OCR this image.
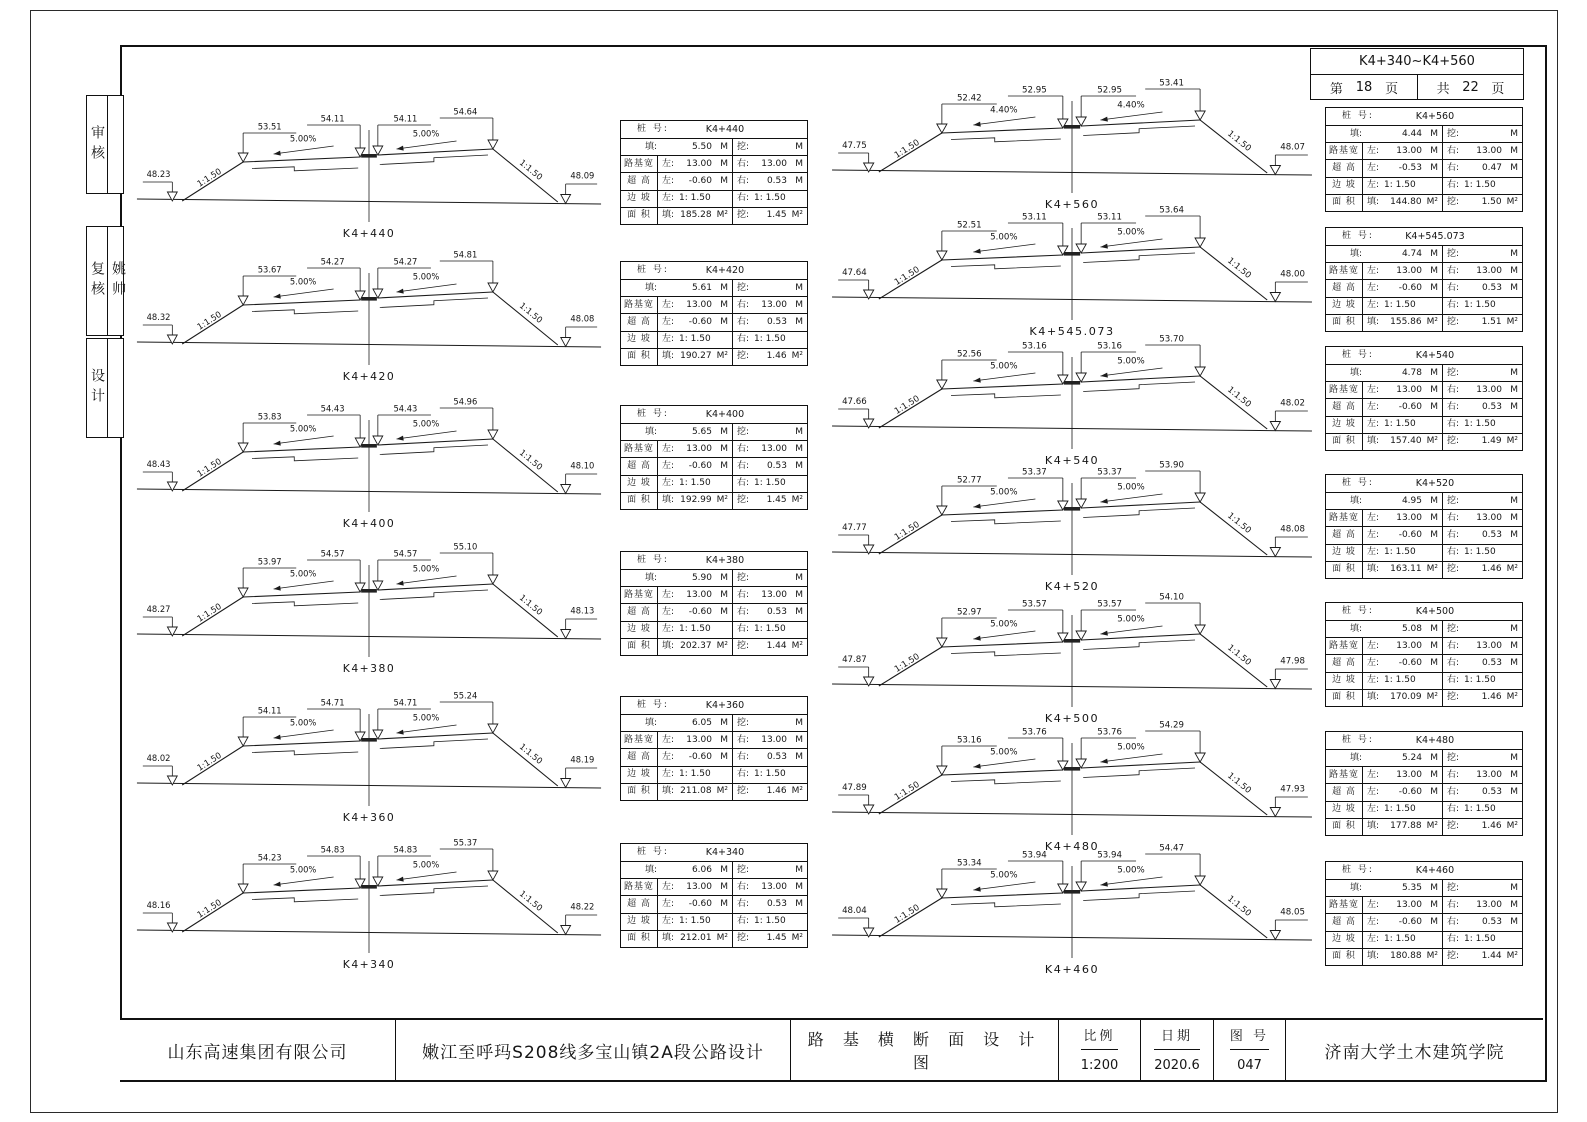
审核
复核 姚帅
设计
K4+340~K4+560
第 18 页	共 22 页
48.23
53.51
54.11	54.11
54.64
48.09
5.00%	5.00%
1:1.50	1:1.50
K4+440
桩 号:	K4+440
填:	5.50 M 挖:	M
路基宽 左:	13.00 M 右:	13.00 M
超 高	左:	-0.60 M 右:	0.53 M
边 坡	左: 1: 1.50	右: 1: 1.50
面 积	填: 185.28 M² 挖:	1.45 M²
48.32
53.67
54.27	54.27
54.81
48.08
5.00%	5.00%
1:1.50	1:1.50
K4+420
桩 号:	K4+420
填:	5.61 M 挖:	M
路基宽 左:	13.00 M 右:	13.00 M
超 高	左:	-0.60 M 右:	0.53 M
边 坡	左: 1: 1.50	右: 1: 1.50
面 积	填: 190.27 M² 挖:	1.46 M²
48.43
53.83
54.43	54.43
54.96
48.10
5.00%	5.00%
1:1.50	1:1.50
K4+400
桩 号:	K4+400
填:	5.65 M 挖:	M
路基宽 左:	13.00 M 右:	13.00 M
超 高	左:	-0.60 M 右:	0.53 M
边 坡	左: 1: 1.50	右: 1: 1.50
面 积	填: 192.99 M² 挖:	1.45 M²
48.27
53.97
54.57	54.57
55.10
48.13
5.00%	5.00%
1:1.50	1:1.50
K4+380
桩 号:	K4+380
填:	5.90 M 挖:	M
路基宽 左:	13.00 M 右:	13.00 M
超 高	左:	-0.60 M 右:	0.53 M
边 坡	左: 1: 1.50	右: 1: 1.50
面 积	填: 202.37 M² 挖:	1.44 M²
48.02
54.11
54.71	54.71
55.24
48.19
5.00%	5.00%
1:1.50	1:1.50
K4+360
桩 号:	K4+360
填:	6.05 M 挖:	M
路基宽 左:	13.00 M 右:	13.00 M
超 高	左:	-0.60 M 右:	0.53 M
边 坡	左: 1: 1.50	右: 1: 1.50
面 积	填: 211.08 M² 挖:	1.46 M²
48.16
54.23
54.83	54.83
55.37
48.22
5.00%	5.00%
1:1.50	1:1.50
K4+340
桩 号:	K4+340
填:	6.06 M 挖:	M
路基宽 左:	13.00 M 右:	13.00 M
超 高	左:	-0.60 M 右:	0.53 M
边 坡	左: 1: 1.50	右: 1: 1.50
面 积	填: 212.01 M² 挖:	1.45 M²
47.75
52.42
52.95	52.95
53.41
48.07
4.40%
4.40%
1:1.50	1:1.50
K4+560
桩 号:	K4+560
填:	4.44 M 挖:	M
路基宽 左:	13.00 M 右:	13.00 M
超 高	左:	-0.53 M 右:	0.47 M
边 坡	左: 1: 1.50	右: 1: 1.50
面 积	填:	144.80 M² 挖:	1.50 M²
47.64
52.51
53.11	53.11
53.64
48.00
5.00%
5.00%
1:1.50	1:1.50
K4+545.073
桩 号:	K4+545.073
填:	4.74 M 挖:	M
路基宽 左:	13.00 M 右:	13.00 M
超 高	左:	-0.60 M 右:	0.53 M
边 坡	左: 1: 1.50	右: 1: 1.50
面 积	填:	155.86 M² 挖:	1.51 M²
47.66
52.56
53.16	53.16
53.70
48.02
5.00%
5.00%
1:1.50	1:1.50
K4+540
桩 号:	K4+540
填:	4.78 M 挖:	M
路基宽 左:	13.00 M 右:	13.00 M
超 高	左:	-0.60 M 右:	0.53 M
边 坡	左: 1: 1.50	右: 1: 1.50
面 积	填:	157.40 M² 挖:	1.49 M²
47.77
52.77
53.37	53.37
53.90
48.08
5.00%
5.00%
1:1.50	1:1.50
K4+520
桩 号:	K4+520
填:	4.95 M 挖:	M
路基宽 左:	13.00 M 右:	13.00 M
超 高	左:	-0.60 M 右:	0.53 M
边 坡	左: 1: 1.50	右: 1: 1.50
面 积	填:	163.11 M² 挖:	1.46 M²
47.87
52.97
53.57	53.57
54.10
47.98
5.00%
5.00%
1:1.50	1:1.50
K4+500
桩 号:	K4+500
填:	5.08 M 挖:	M
路基宽 左:	13.00 M 右:	13.00 M
超 高	左:	-0.60 M 右:	0.53 M
边 坡	左: 1: 1.50	右: 1: 1.50
面 积	填:	170.09 M² 挖:	1.46 M²
47.89
53.16
53.76	53.76
54.29
47.93
5.00%
5.00%
1:1.50	1:1.50
K4+480
桩 号:	K4+480
填:	5.24 M 挖:	M
路基宽 左:	13.00 M 右:	13.00 M
超 高	左:	-0.60 M 右:	0.53 M
边 坡	左: 1: 1.50	右: 1: 1.50
面 积	填:	177.88 M² 挖:	1.46 M²
48.04
53.34
53.94	53.94
54.47
48.05
5.00%
5.00%
1:1.50	1:1.50
K4+460
桩 号:	K4+460
填:	5.35 M 挖:	M
路基宽 左:	13.00 M 右:	13.00 M
超 高	左:	-0.60 M 右:	0.53 M
边 坡	左: 1: 1.50	右: 1: 1.50
面 积	填:	180.88 M² 挖:	1.44 M²
山东高速集团有限公司	嫩江至呼玛S208线多宝山镇2A段公路设计
路 基 横 断 面 设 计 图
比例
1:200
日期
2020.6
图 号
047
济南大学土木建筑学院
